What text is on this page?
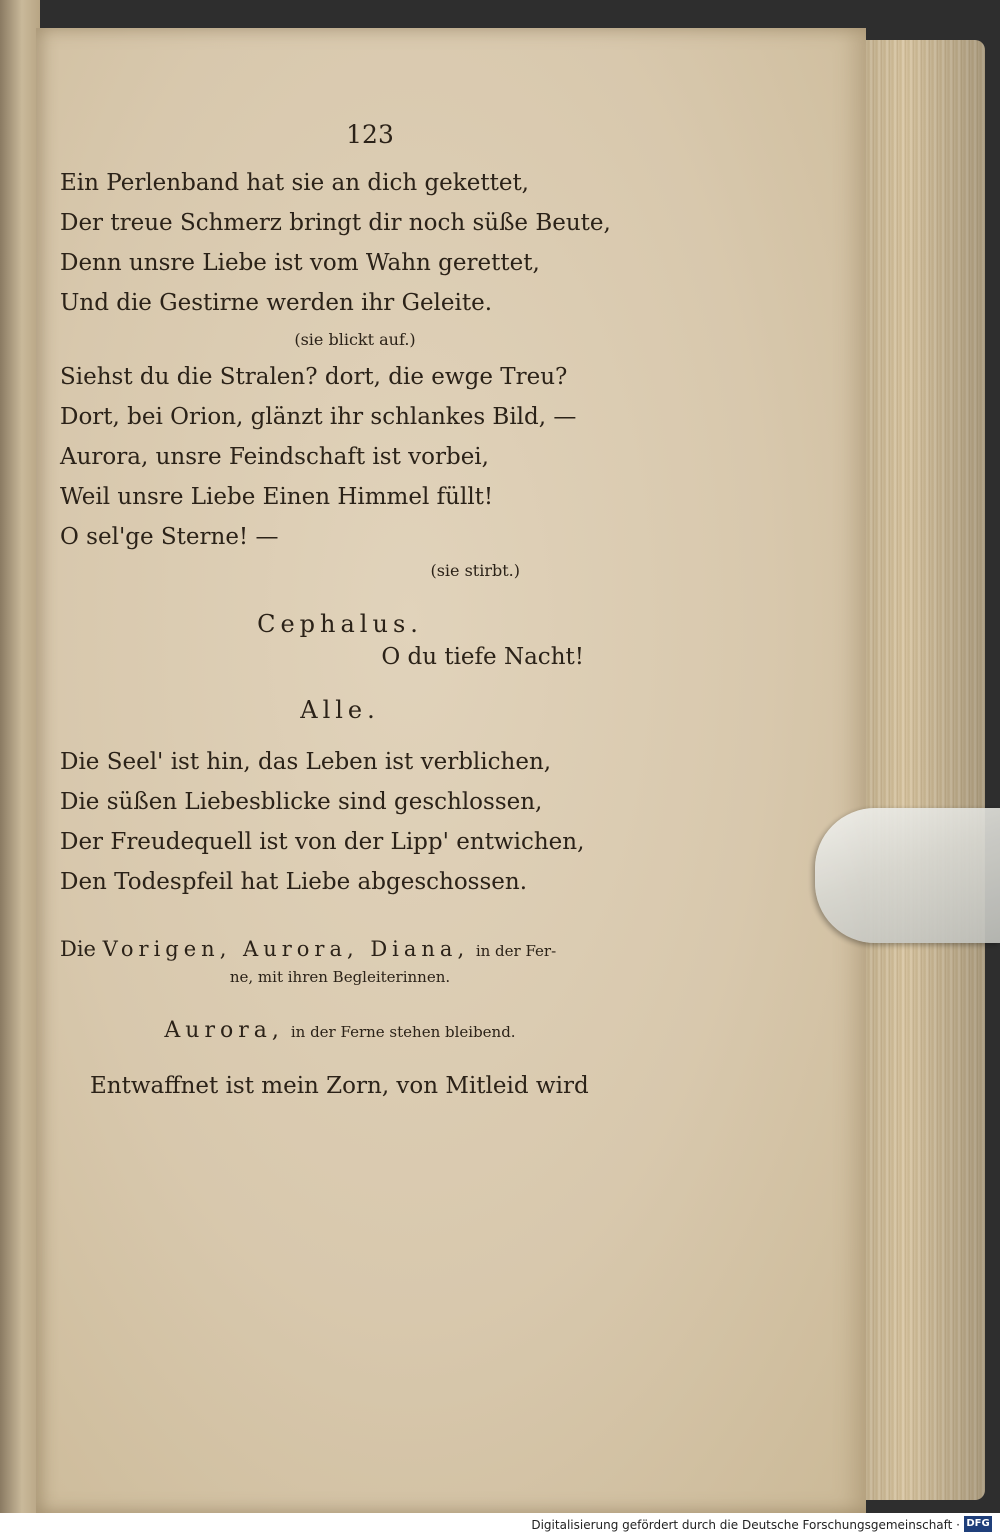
123

Ein Perlenband hat sie an dich gekettet,

Der treue Schmerz bringt dir noch süße Beute,

Denn unsre Liebe ist vom Wahn gerettet,

Und die Gestirne werden ihr Geleite.

(sie blickt auf.)

Siehst du die Stralen? dort, die ewge Treu?

Dort, bei Orion, glänzt ihr schlankes Bild, —

Aurora, unsre Feindschaft ist vorbei,

Weil unsre Liebe Einen Himmel füllt!

O sel'ge Sterne! —

(sie stirbt.)

Cephalus.

O du tiefe Nacht!

Alle.

Die Seel' ist hin, das Leben ist verblichen,

Die süßen Liebesblicke sind geschlossen,

Der Freudequell ist von der Lipp' entwichen,

Den Todespfeil hat Liebe abgeschossen.

Die Vorigen, Aurora, Diana, in der Fer-
ne, mit ihren Begleiterinnen.

Aurora, in der Ferne stehen bleibend.

Entwaffnet ist mein Zorn, von Mitleid wird

Digitalisierung gefördert durch die Deutsche Forschungsgemeinschaft · DFG
